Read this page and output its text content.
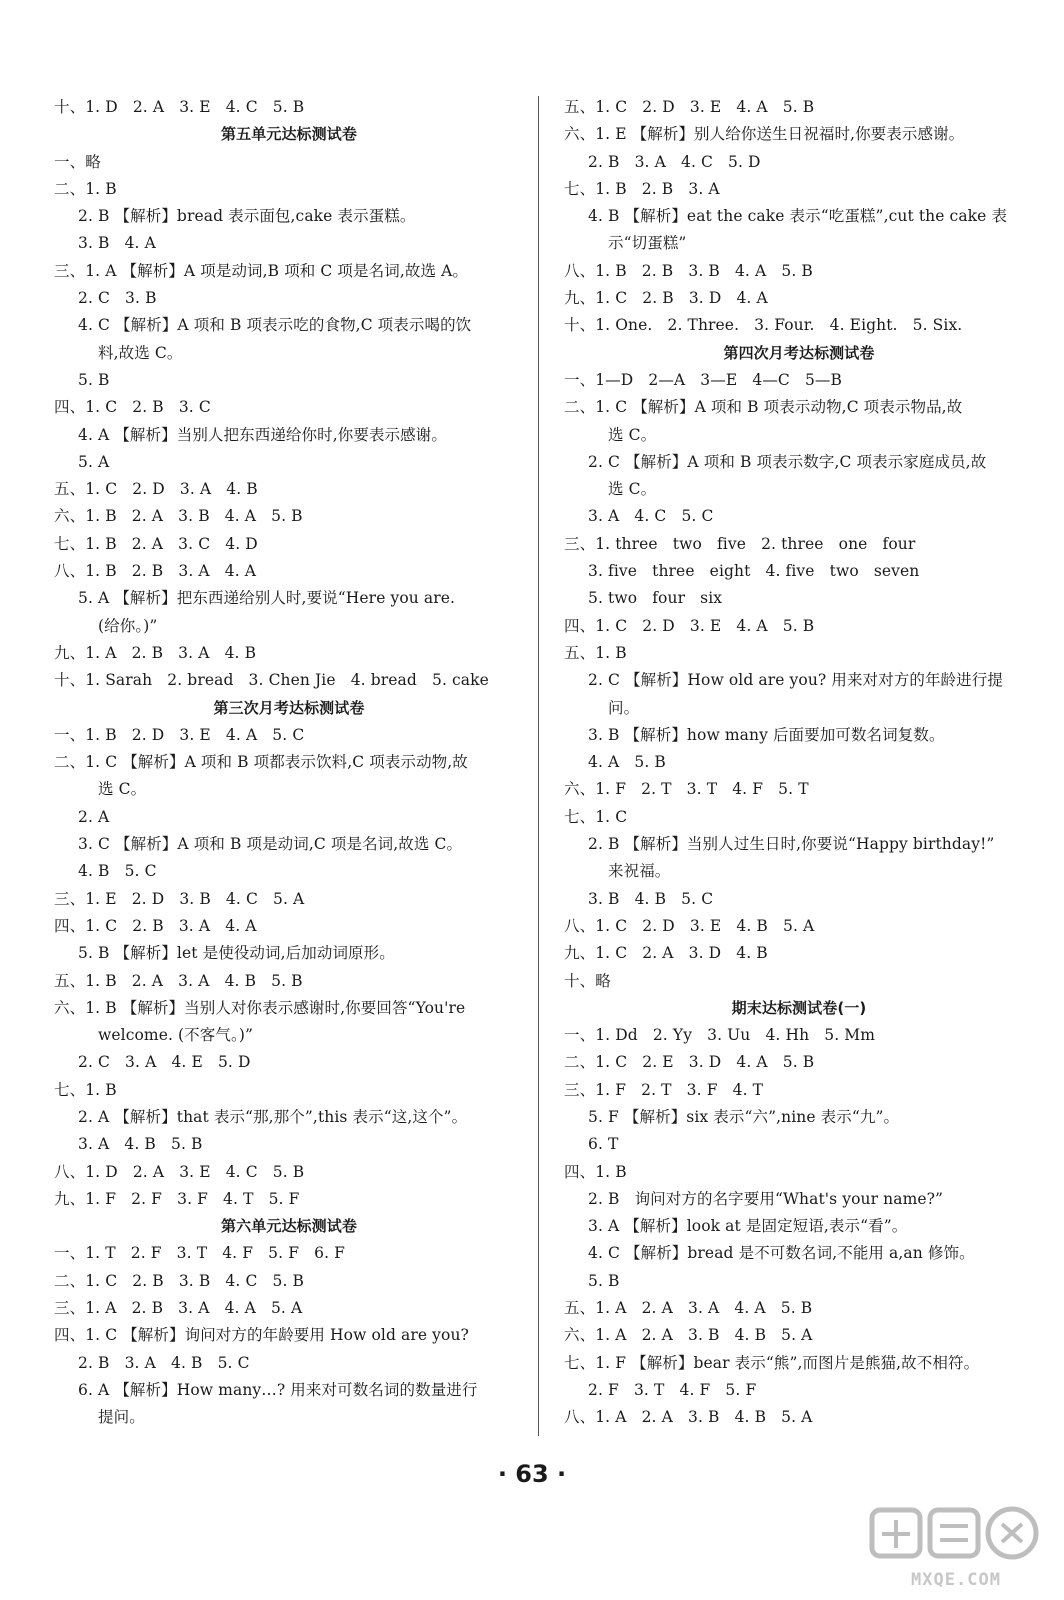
十、1. D   2. A   3. E   4. C   5. B
第五单元达标测试卷
一、略
二、1. B
2. B 【解析】bread 表示面包,cake 表示蛋糕。
3. B   4. A
三、1. A 【解析】A 项是动词,B 项和 C 项是名词,故选 A。
2. C   3. B
4. C 【解析】A 项和 B 项表示吃的食物,C 项表示喝的饮
料,故选 C。
5. B
四、1. C   2. B   3. C
4. A 【解析】当别人把东西递给你时,你要表示感谢。
5. A
五、1. C   2. D   3. A   4. B
六、1. B   2. A   3. B   4. A   5. B
七、1. B   2. A   3. C   4. D
八、1. B   2. B   3. A   4. A
5. A 【解析】把东西递给别人时,要说“Here you are.
(给你。)”
九、1. A   2. B   3. A   4. B
十、1. Sarah   2. bread   3. Chen Jie   4. bread   5. cake
第三次月考达标测试卷
一、1. B   2. D   3. E   4. A   5. C
二、1. C 【解析】A 项和 B 项都表示饮料,C 项表示动物,故
选 C。
2. A
3. C 【解析】A 项和 B 项是动词,C 项是名词,故选 C。
4. B   5. C
三、1. E   2. D   3. B   4. C   5. A
四、1. C   2. B   3. A   4. A
5. B 【解析】let 是使役动词,后加动词原形。
五、1. B   2. A   3. A   4. B   5. B
六、1. B 【解析】当别人对你表示感谢时,你要回答“You're
welcome. (不客气。)”
2. C   3. A   4. E   5. D
七、1. B
2. A 【解析】that 表示“那,那个”,this 表示“这,这个”。
3. A   4. B   5. B
八、1. D   2. A   3. E   4. C   5. B
九、1. F   2. F   3. F   4. T   5. F
第六单元达标测试卷
一、1. T   2. F   3. T   4. F   5. F   6. F
二、1. C   2. B   3. B   4. C   5. B
三、1. A   2. B   3. A   4. A   5. A
四、1. C 【解析】询问对方的年龄要用 How old are you?
2. B   3. A   4. B   5. C
6. A 【解析】How many…? 用来对可数名词的数量进行
提问。
五、1. C   2. D   3. E   4. A   5. B
六、1. E 【解析】别人给你送生日祝福时,你要表示感谢。
2. B   3. A   4. C   5. D
七、1. B   2. B   3. A
4. B 【解析】eat the cake 表示“吃蛋糕”,cut the cake 表
示“切蛋糕”
八、1. B   2. B   3. B   4. A   5. B
九、1. C   2. B   3. D   4. A
十、1. One.   2. Three.   3. Four.   4. Eight.   5. Six.
第四次月考达标测试卷
一、1—D   2—A   3—E   4—C   5—B
二、1. C 【解析】A 项和 B 项表示动物,C 项表示物品,故
选 C。
2. C 【解析】A 项和 B 项表示数字,C 项表示家庭成员,故
选 C。
3. A   4. C   5. C
三、1. three   two   five   2. three   one   four
3. five   three   eight   4. five   two   seven
5. two   four   six
四、1. C   2. D   3. E   4. A   5. B
五、1. B
2. C 【解析】How old are you? 用来对对方的年龄进行提
问。
3. B 【解析】how many 后面要加可数名词复数。
4. A   5. B
六、1. F   2. T   3. T   4. F   5. T
七、1. C
2. B 【解析】当别人过生日时,你要说“Happy birthday!”
来祝福。
3. B   4. B   5. C
八、1. C   2. D   3. E   4. B   5. A
九、1. C   2. A   3. D   4. B
十、略
期末达标测试卷(一)
一、1. Dd   2. Yy   3. Uu   4. Hh   5. Mm
二、1. C   2. E   3. D   4. A   5. B
三、1. F   2. T   3. F   4. T
5. F 【解析】six 表示“六”,nine 表示“九”。
6. T
四、1. B
2. B   询问对方的名字要用“What's your name?”
3. A 【解析】look at 是固定短语,表示“看”。
4. C 【解析】bread 是不可数名词,不能用 a,an 修饰。
5. B
五、1. A   2. A   3. A   4. A   5. B
六、1. A   2. A   3. B   4. B   5. A
七、1. F 【解析】bear 表示“熊”,而图片是熊猫,故不相符。
2. F   3. T   4. F   5. F
八、1. A   2. A   3. B   4. B   5. A
· 63 ·
MXQE.COM
